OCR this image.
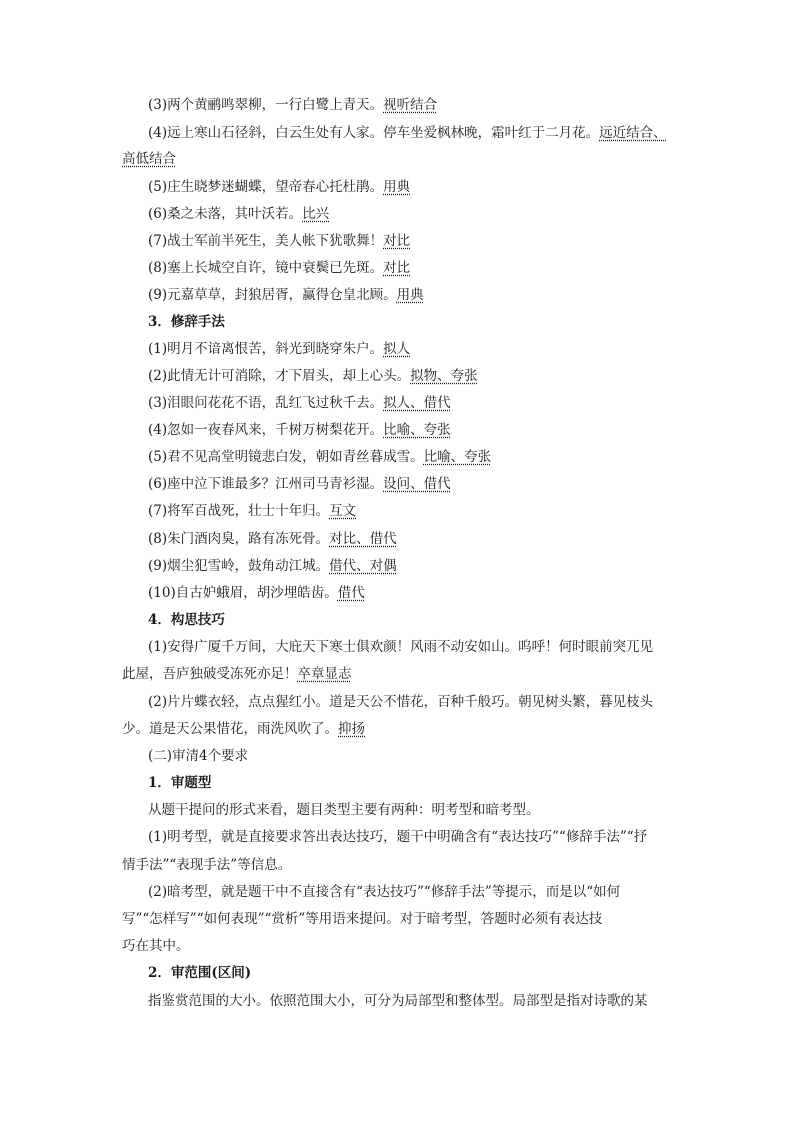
(3)两个黄鹂鸣翠柳，一行白鹭上青天。视听结合
(4)远上寒山石径斜，白云生处有人家。停车坐爱枫林晚，霜叶红于二月花。远近结合、
高低结合
(5)庄生晓梦迷蝴蝶，望帝春心托杜鹃。用典
(6)桑之未落，其叶沃若。比兴
(7)战士军前半死生，美人帐下犹歌舞！对比
(8)塞上长城空自许，镜中衰鬓已先斑。对比
(9)元嘉草草，封狼居胥，赢得仓皇北顾。用典
3．修辞手法
(1)明月不谙离恨苦，斜光到晓穿朱户。拟人
(2)此情无计可消除，才下眉头，却上心头。拟物、夸张
(3)泪眼问花花不语，乱红飞过秋千去。拟人、借代
(4)忽如一夜春风来，千树万树梨花开。比喻、夸张
(5)君不见高堂明镜悲白发，朝如青丝暮成雪。比喻、夸张
(6)座中泣下谁最多？江州司马青衫湿。设问、借代
(7)将军百战死，壮士十年归。互文
(8)朱门酒肉臭，路有冻死骨。对比、借代
(9)烟尘犯雪岭，鼓角动江城。借代、对偶
(10)自古妒蛾眉，胡沙埋皓齿。借代
4．构思技巧
(1)安得广厦千万间，大庇天下寒士俱欢颜！风雨不动安如山。呜呼！何时眼前突兀见
此屋，吾庐独破受冻死亦足！卒章显志
(2)片片蝶衣轻，点点猩红小。道是天公不惜花，百种千般巧。朝见树头繁，暮见枝头
少。道是天公果惜花，雨洗风吹了。抑扬
(二)审清4个要求
1．审题型
从题干提问的形式来看，题目类型主要有两种：明考型和暗考型。
(1)明考型，就是直接要求答出表达技巧，题干中明确含有“表达技巧”“修辞手法”“抒
情手法”“表现手法”等信息。
(2)暗考型，就是题干中不直接含有“表达技巧”“修辞手法”等提示，而是以“如何
写”“怎样写”“如何表现”“赏析”等用语来提问。对于暗考型，答题时必须有表达技
巧在其中。
2．审范围(区间)
指鉴赏范围的大小。依照范围大小，可分为局部型和整体型。局部型是指对诗歌的某
